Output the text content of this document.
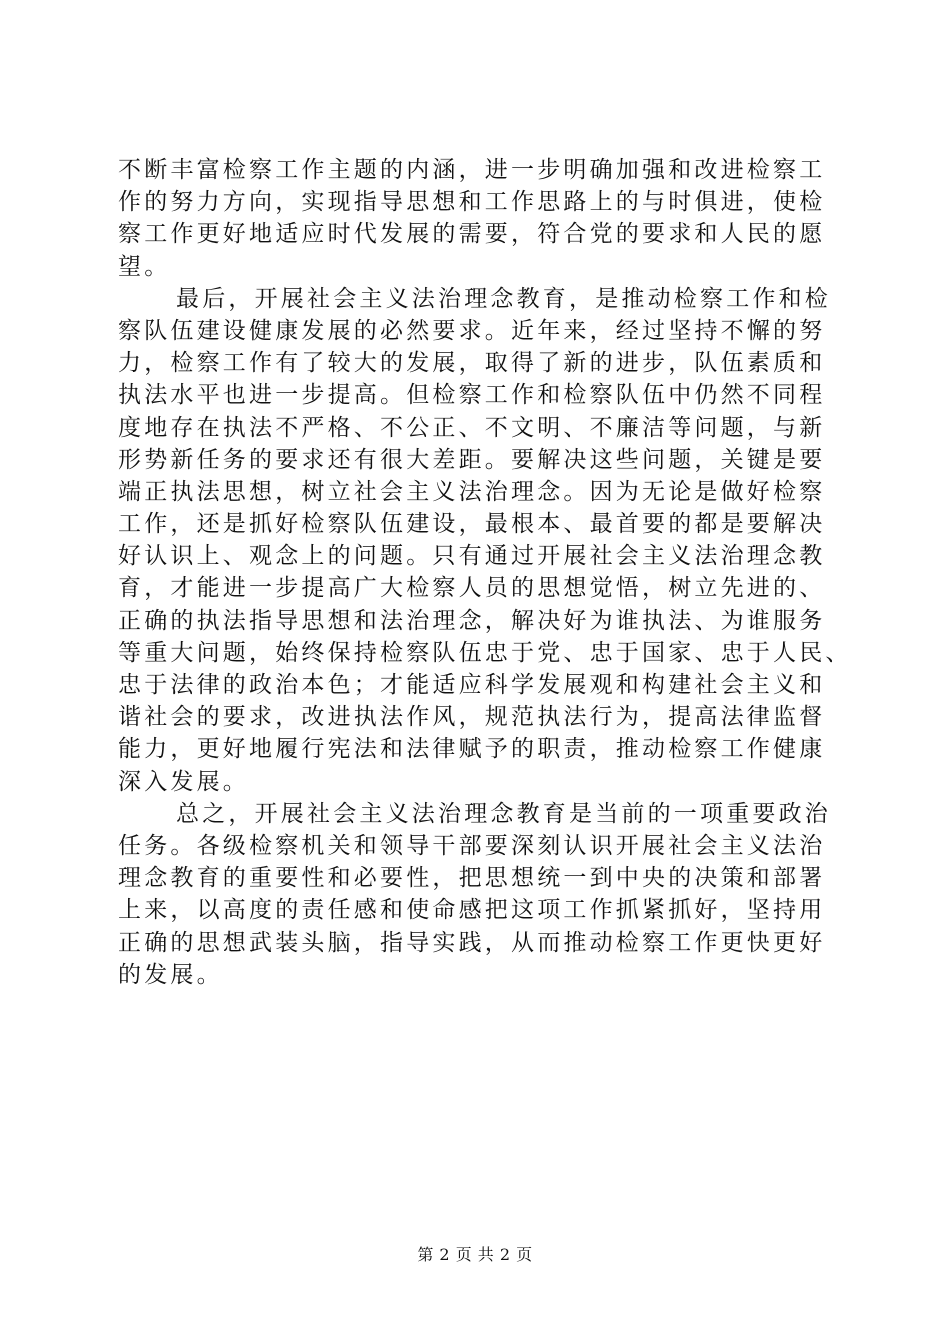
不断丰富检察工作主题的内涵，进一步明确加强和改进检察工
作的努力方向，实现指导思想和工作思路上的与时俱进，使检
察工作更好地适应时代发展的需要，符合党的要求和人民的愿
望。
最后，开展社会主义法治理念教育，是推动检察工作和检
察队伍建设健康发展的必然要求。近年来，经过坚持不懈的努
力，检察工作有了较大的发展，取得了新的进步，队伍素质和
执法水平也进一步提高。但检察工作和检察队伍中仍然不同程
度地存在执法不严格、不公正、不文明、不廉洁等问题，与新
形势新任务的要求还有很大差距。要解决这些问题，关键是要
端正执法思想，树立社会主义法治理念。因为无论是做好检察
工作，还是抓好检察队伍建设，最根本、最首要的都是要解决
好认识上、观念上的问题。只有通过开展社会主义法治理念教
育，才能进一步提高广大检察人员的思想觉悟，树立先进的、
正确的执法指导思想和法治理念，解决好为谁执法、为谁服务
等重大问题，始终保持检察队伍忠于党、忠于国家、忠于人民、
忠于法律的政治本色；才能适应科学发展观和构建社会主义和
谐社会的要求，改进执法作风，规范执法行为，提高法律监督
能力，更好地履行宪法和法律赋予的职责，推动检察工作健康
深入发展。
总之，开展社会主义法治理念教育是当前的一项重要政治
任务。各级检察机关和领导干部要深刻认识开展社会主义法治
理念教育的重要性和必要性，把思想统一到中央的决策和部署
上来，以高度的责任感和使命感把这项工作抓紧抓好，坚持用
正确的思想武装头脑，指导实践，从而推动检察工作更快更好
的发展。
第 2 页 共 2 页
